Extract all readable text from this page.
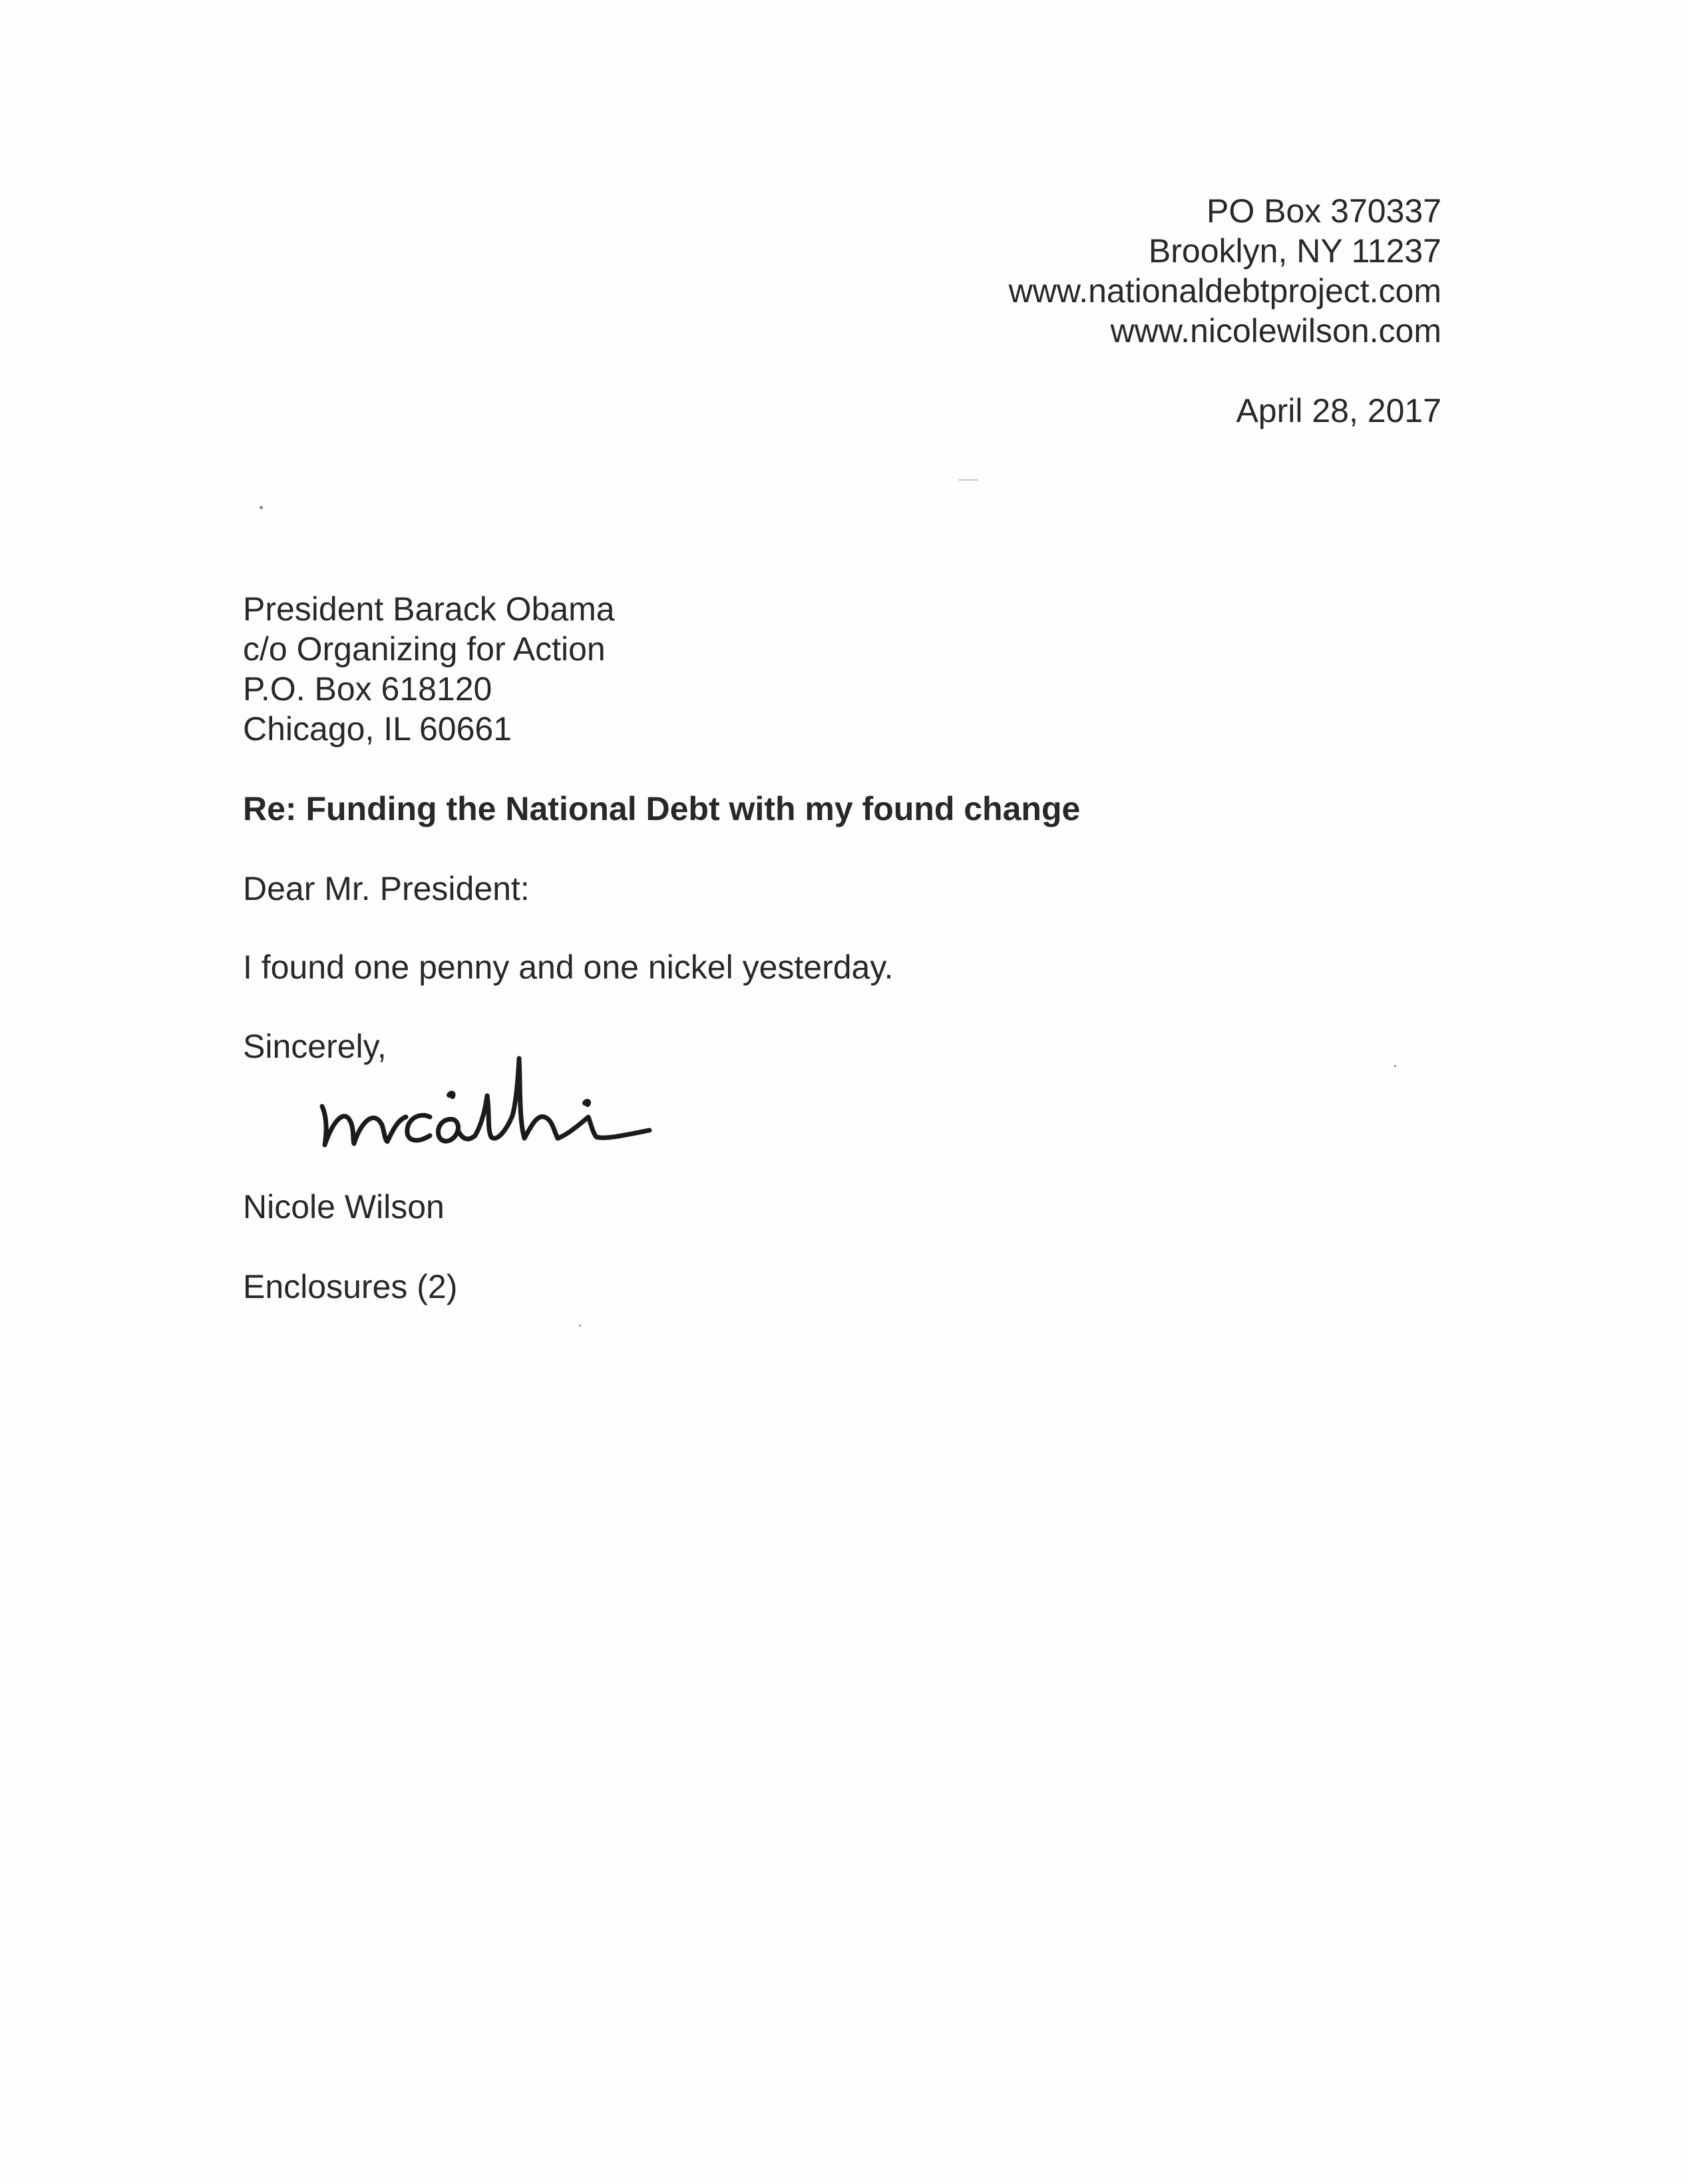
PO Box 370337
Brooklyn, NY 11237
www.nationaldebtproject.com
www.nicolewilson.com
April 28, 2017
President Barack Obama
c/o Organizing for Action
P.O. Box 618120
Chicago, IL 60661
Re: Funding the National Debt with my found change
Dear Mr. President:
I found one penny and one nickel yesterday.
Sincerely,
Nicole Wilson
Enclosures (2)
